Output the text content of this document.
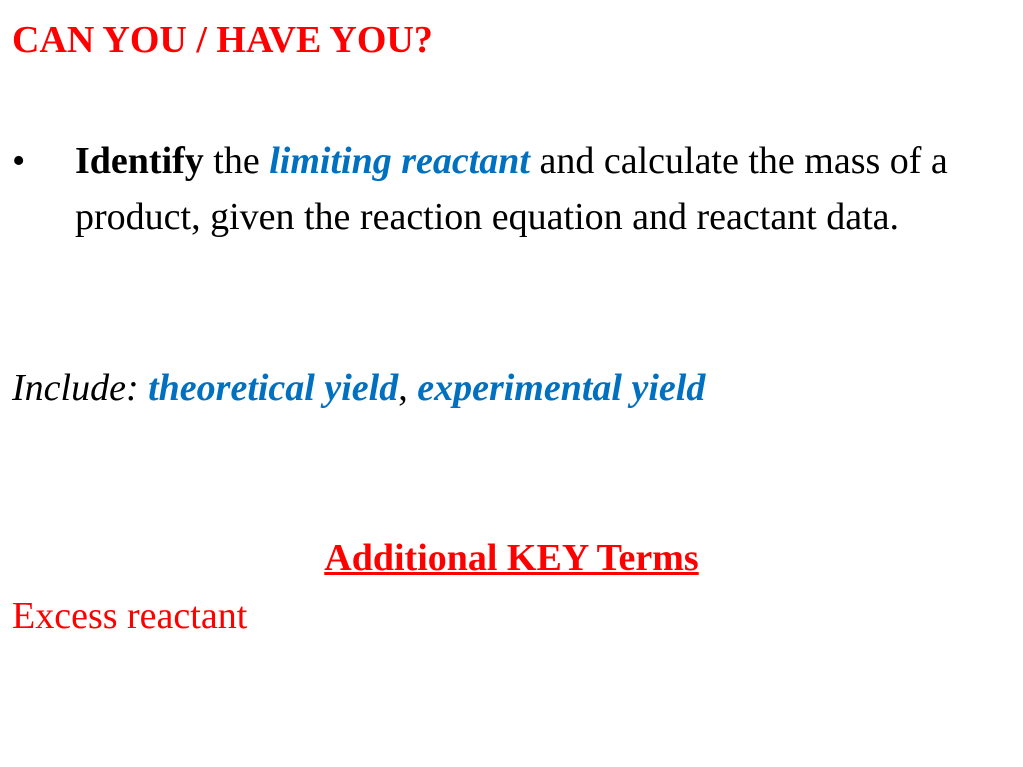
CAN YOU / HAVE YOU?
• Identify the limiting reactant and calculate the mass of a product, given the reaction equation and reactant data.

Include: theoretical yield, experimental yield

Additional KEY Terms

Excess reactant
